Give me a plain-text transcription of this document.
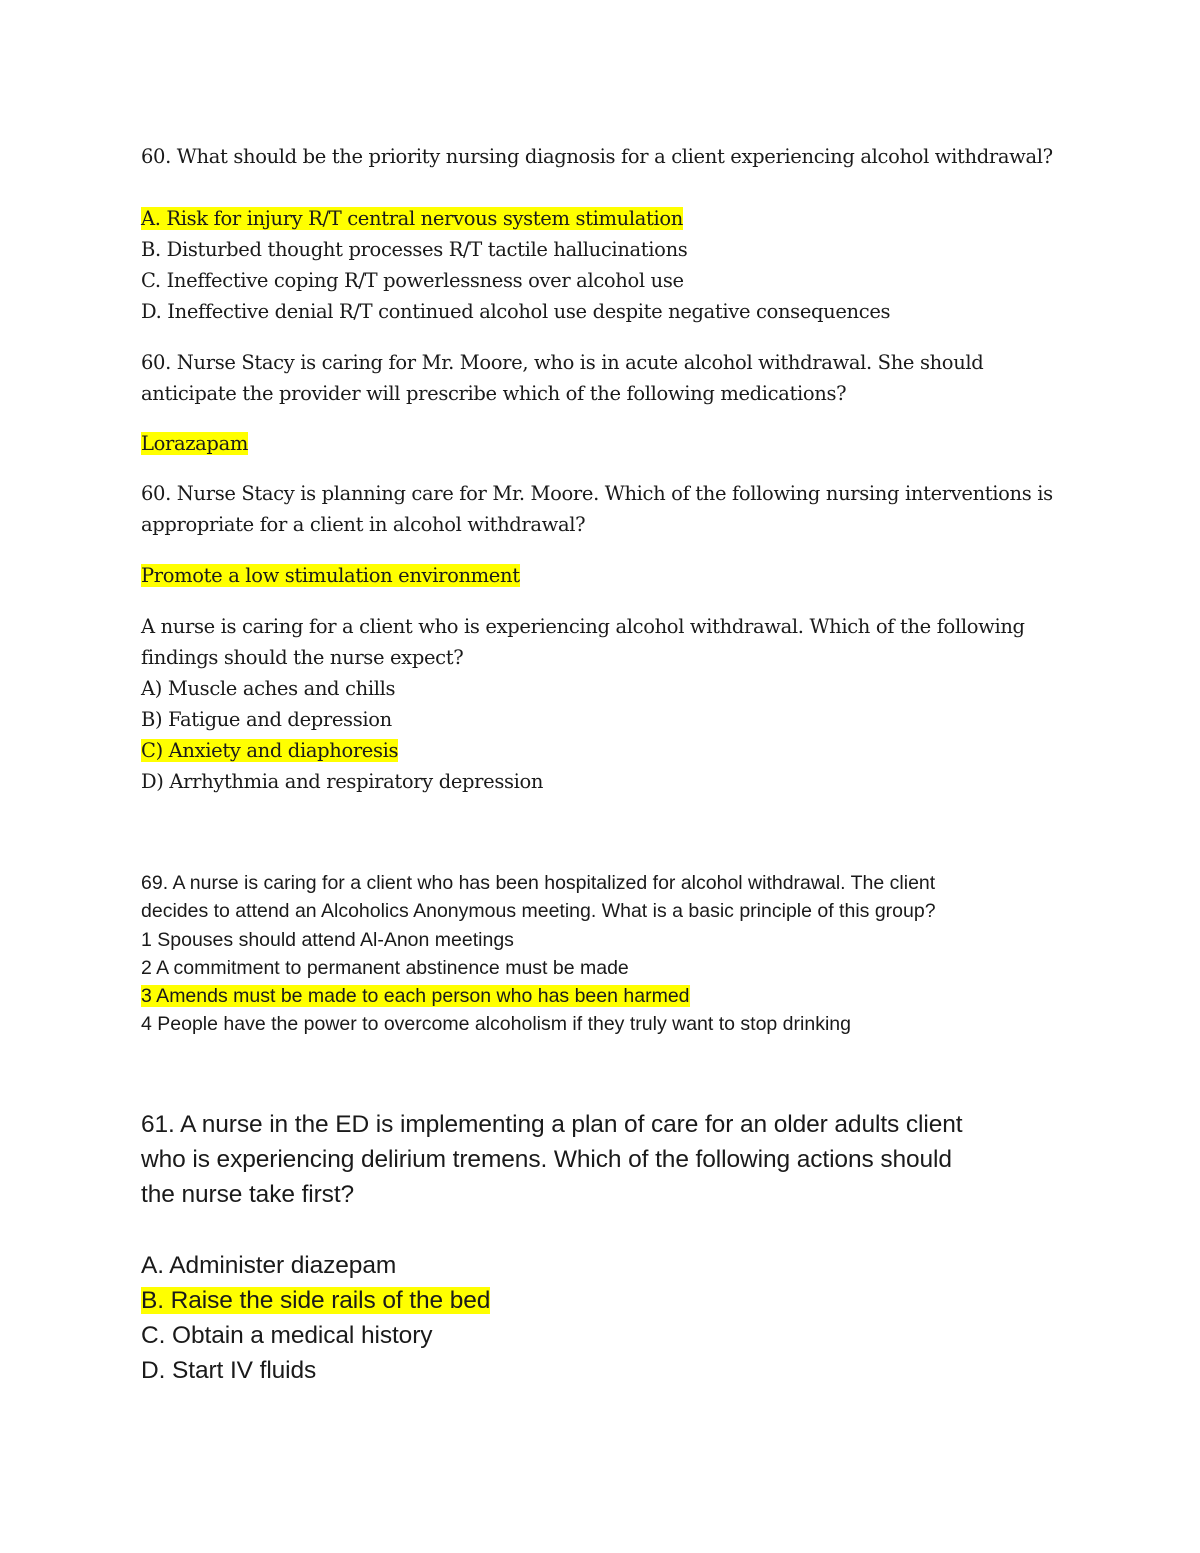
60. What should be the priority nursing diagnosis for a client experiencing alcohol withdrawal?
A. Risk for injury R/T central nervous system stimulation
B. Disturbed thought processes R/T tactile hallucinations
C. Ineffective coping R/T powerlessness over alcohol use
D. Ineffective denial R/T continued alcohol use despite negative consequences
60. Nurse Stacy is caring for Mr. Moore, who is in acute alcohol withdrawal. She should
anticipate the provider will prescribe which of the following medications?
Lorazapam
60. Nurse Stacy is planning care for Mr. Moore. Which of the following nursing interventions is
appropriate for a client in alcohol withdrawal?
Promote a low stimulation environment
A nurse is caring for a client who is experiencing alcohol withdrawal. Which of the following
findings should the nurse expect?
A) Muscle aches and chills
B) Fatigue and depression
C) Anxiety and diaphoresis
D) Arrhythmia and respiratory depression
69. A nurse is caring for a client who has been hospitalized for alcohol withdrawal. The client
decides to attend an Alcoholics Anonymous meeting. What is a basic principle of this group?
1 Spouses should attend Al-Anon meetings
2 A commitment to permanent abstinence must be made
3 Amends must be made to each person who has been harmed
4 People have the power to overcome alcoholism if they truly want to stop drinking
61. A nurse in the ED is implementing a plan of care for an older adults client
who is experiencing delirium tremens. Which of the following actions should
the nurse take first?
A. Administer diazepam
B. Raise the side rails of the bed
C. Obtain a medical history
D. Start IV fluids
